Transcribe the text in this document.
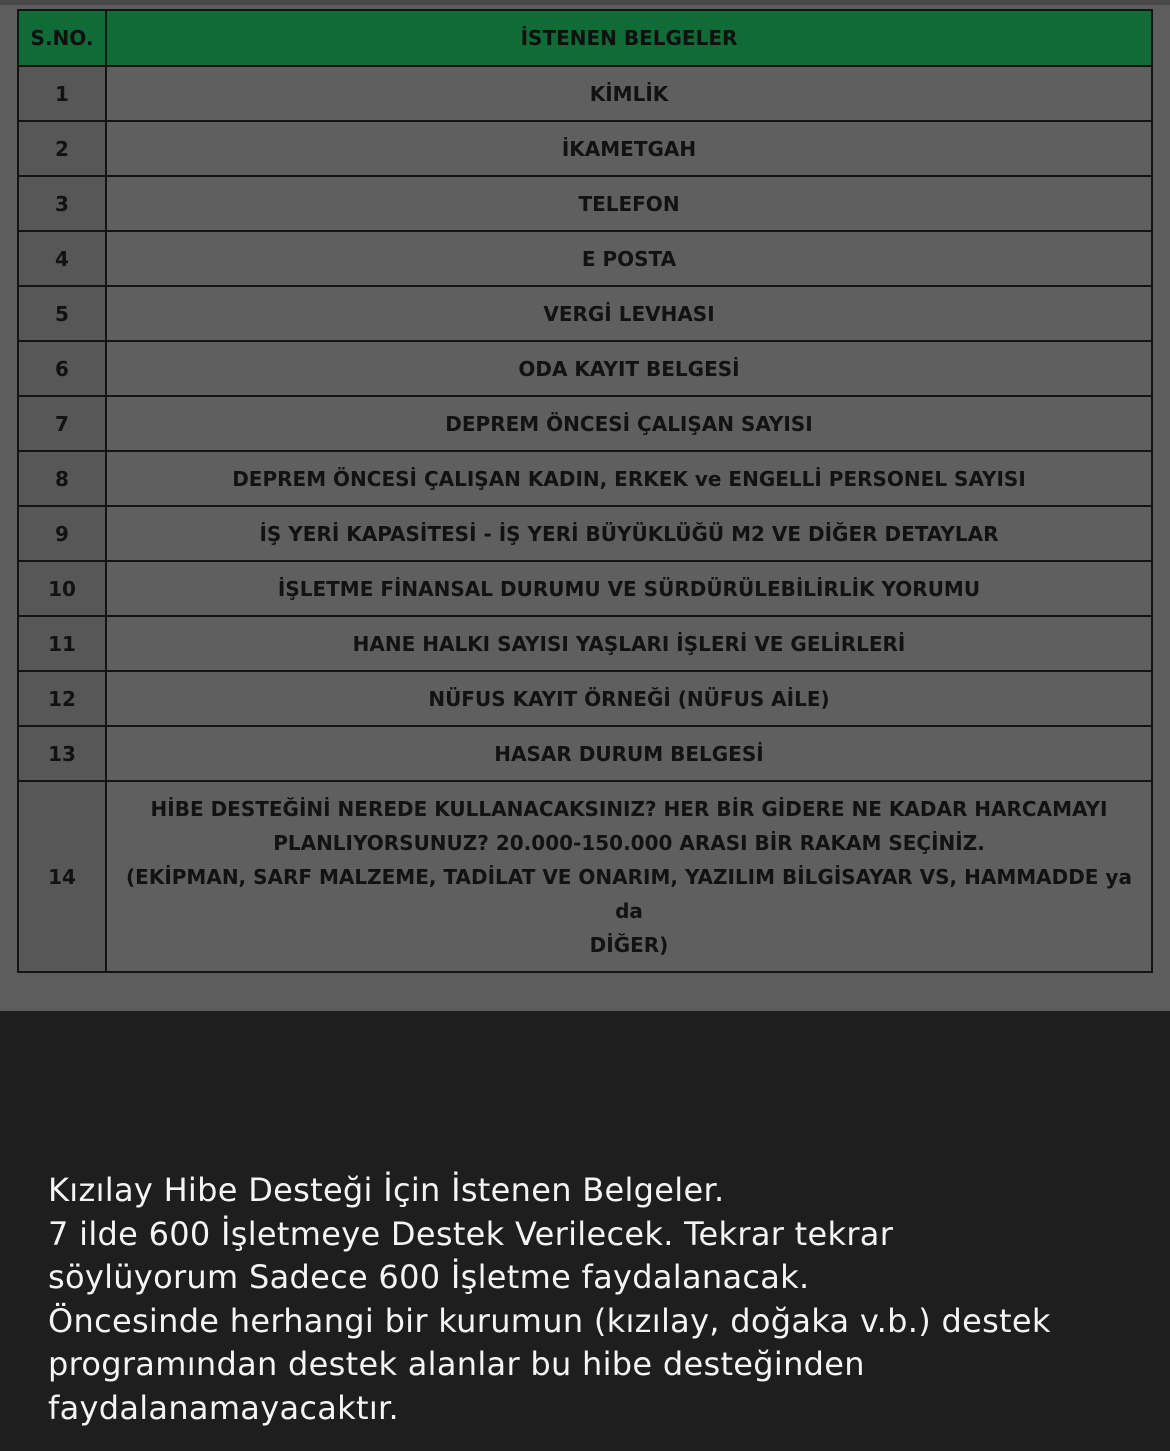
S.NO.	İSTENEN BELGELER
1	KİMLİK
2	İKAMETGAH
3	TELEFON
4	E POSTA
5	VERGİ LEVHASI
6	ODA KAYIT BELGESİ
7	DEPREM ÖNCESİ ÇALIŞAN SAYISI
8	DEPREM ÖNCESİ ÇALIŞAN KADIN, ERKEK ve ENGELLİ PERSONEL SAYISI
9	İŞ YERİ KAPASİTESİ - İŞ YERİ BÜYÜKLÜĞÜ M2 VE DİĞER DETAYLAR
10	İŞLETME FİNANSAL DURUMU VE SÜRDÜRÜLEBİLİRLİK YORUMU
11	HANE HALKI SAYISI YAŞLARI İŞLERİ VE GELİRLERİ
12	NÜFUS KAYIT ÖRNEĞİ (NÜFUS AİLE)
13	HASAR DURUM BELGESİ
14	HİBE DESTEĞİNİ NEREDE KULLANACAKSINIZ? HER BİR GİDERE NE KADAR HARCAMAYI
PLANLIYORSUNUZ? 20.000-150.000 ARASI BİR RAKAM SEÇİNİZ.
(EKİPMAN, SARF MALZEME, TADİLAT VE ONARIM, YAZILIM BİLGİSAYAR VS, HAMMADDE ya da
DİĞER)
Kızılay Hibe Desteği İçin İstenen Belgeler.
7 ilde 600 İşletmeye Destek Verilecek. Tekrar tekrar
söylüyorum Sadece 600 İşletme faydalanacak.
Öncesinde herhangi bir kurumun (kızılay, doğaka v.b.) destek
programından destek alanlar bu hibe desteğinden
faydalanamayacaktır.
